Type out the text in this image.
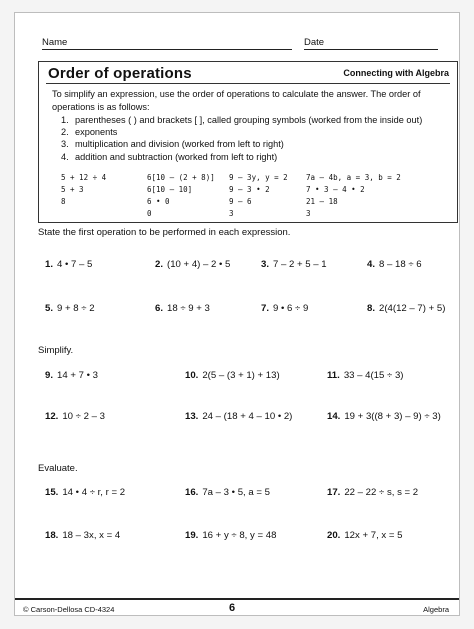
Name	Date
Order of operations	Connecting with Algebra
To simplify an expression, use the order of operations to calculate the answer. The order of operations is as follows:
1. parentheses ( ) and brackets [ ], called grouping symbols (worked from the inside out)
2. exponents
3. multiplication and division (worked from left to right)
4. addition and subtraction (worked from left to right)
5 + 12 ÷ 4
5 + 3
8
6[10 – (2 + 8)]
6[10 – 10]
6 • 0
0
9 – 3y, y = 2
9 – 3 • 2
9 – 6
3
7a – 4b, a = 3, b = 2
7 • 3 – 4 • 2
21 – 18
3
State the first operation to be performed in each expression.
1. 4 • 7 – 5	2. (10 + 4) – 2 • 5	3. 7 – 2 + 5 – 1	4. 8 – 18 ÷ 6
5. 9 + 8 ÷ 2	6. 18 ÷ 9 + 3	7. 9 • 6 ÷ 9	8. 2(4(12 – 7) + 5)
Simplify.
9. 14 + 7 • 3	10. 2(5 – (3 + 1) + 13)	11. 33 – 4(15 ÷ 3)
12. 10 ÷ 2 – 3	13. 24 – (18 + 4 – 10 • 2)	14. 19 + 3((8 + 3) – 9) ÷ 3)
Evaluate.
15. 14 • 4 ÷ r, r = 2	16. 7a – 3 • 5, a = 5	17. 22 – 22 ÷ s, s = 2
18. 18 – 3x, x = 4	19. 16 + y ÷ 8, y = 48	20. 12x + 7, x = 5
© Carson-Dellosa CD-4324	6	Algebra
